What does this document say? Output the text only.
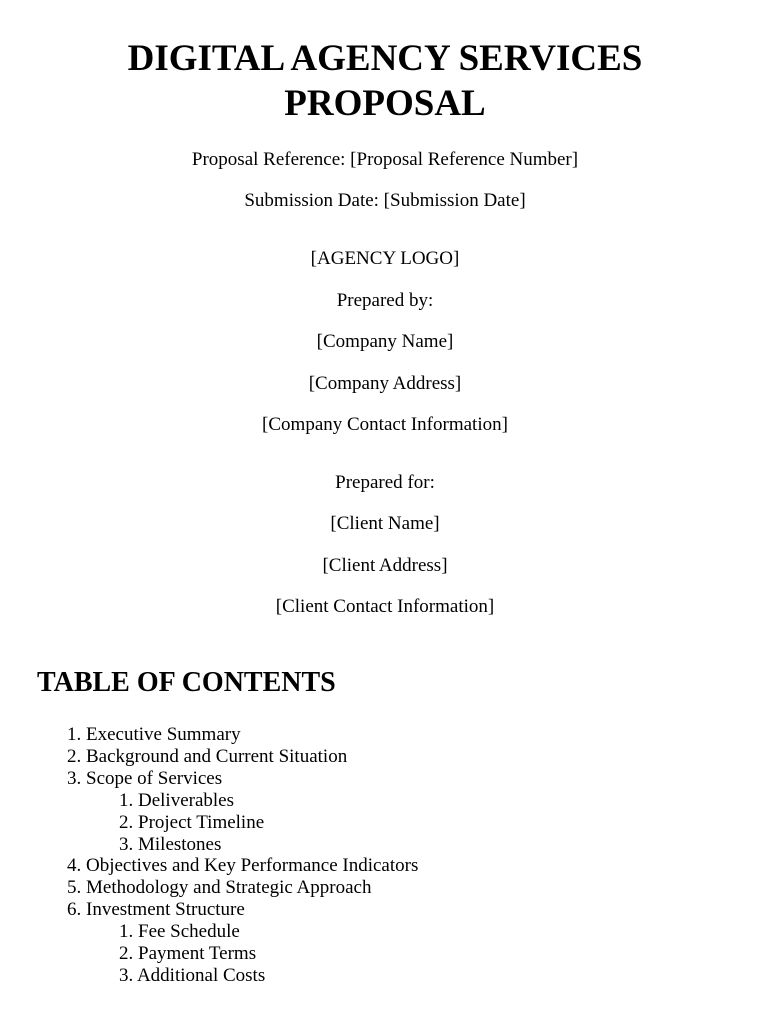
DIGITAL AGENCY SERVICES
PROPOSAL

Proposal Reference: [Proposal Reference Number]

Submission Date: [Submission Date]

[AGENCY LOGO]

Prepared by:

[Company Name]

[Company Address]

[Company Contact Information]

Prepared for:

[Client Name]

[Client Address]

[Client Contact Information]

TABLE OF CONTENTS
1. Executive Summary
2. Background and Current Situation
3. Scope of Services
1. Deliverables
2. Project Timeline
3. Milestones
4. Objectives and Key Performance Indicators
5. Methodology and Strategic Approach
6. Investment Structure
1. Fee Schedule
2. Payment Terms
3. Additional Costs
